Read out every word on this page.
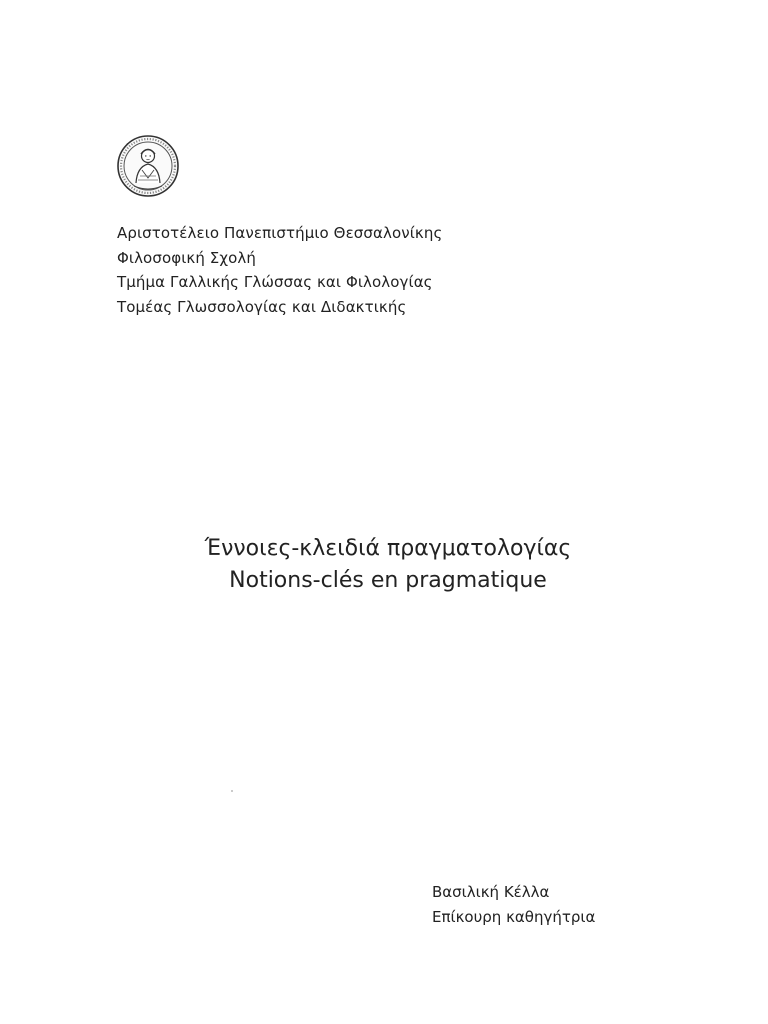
Αριστοτέλειο Πανεπιστήμιο Θεσσαλονίκης
Φιλοσοφική Σχολή
Τμήμα Γαλλικής Γλώσσας και Φιλολογίας
Τομέας Γλωσσολογίας και Διδακτικής
Έννοιες-κλειδιά πραγματολογίας
Notions-clés en pragmatique
Βασιλική Κέλλα
Επίκουρη καθηγήτρια
